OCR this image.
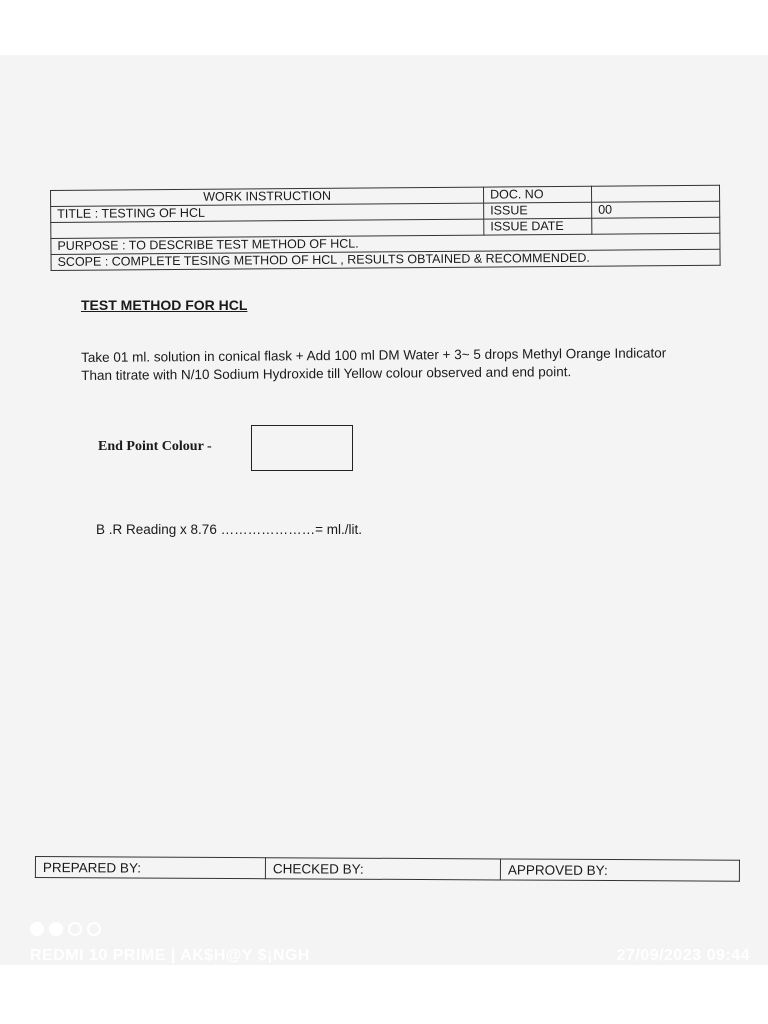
WORK INSTRUCTION	DOC. NO	
TITLE : TESTING OF HCL	ISSUE	00
	ISSUE DATE	
PURPOSE : TO DESCRIBE TEST METHOD OF HCL.		
SCOPE : COMPLETE TESING METHOD OF HCL , RESULTS OBTAINED & RECOMMENDED.		
TEST METHOD FOR HCL

Take 01 ml. solution in conical flask + Add 100 ml DM Water + 3~ 5 drops Methyl Orange Indicator

Than titrate with N/10 Sodium Hydroxide till Yellow colour observed and end point.

End Point Colour -
B .R Reading x 8.76 …………………= ml./lit.
PREPARED BY:	CHECKED BY:	APPROVED BY:
REDMI 10 PRIME | AK$H@Y $¡NGH	27/09/2023 09:44
